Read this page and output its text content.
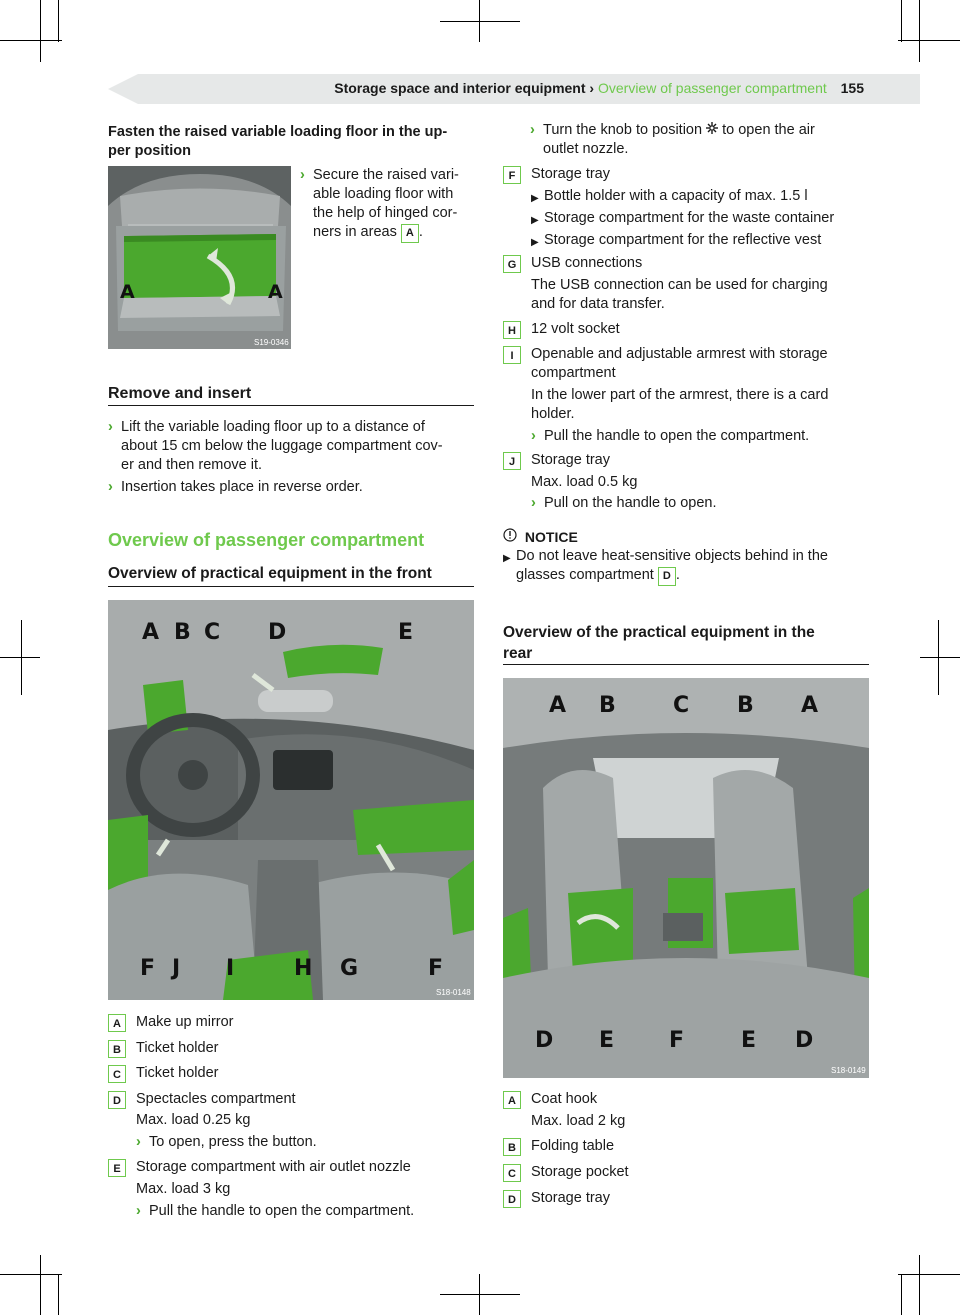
Storage space and interior equipment › Overview of passenger compartment 155
Fasten the raised variable loading floor in the up-
per position
A	A
S19-0346
› Secure the raised vari-
able loading floor with
the help of hinged cor-
ners in areas A .
Remove and insert
› Lift the variable loading floor up to a distance of
about 15 cm below the luggage compartment cov-
er and then remove it.
› Insertion takes place in reverse order.
Overview of passenger compartment
Overview of practical equipment in the front
A B C D	E
F J I	H G	F
S18-0148
A	Make up mirror
B	Ticket holder
C	Ticket holder
D	Spectacles compartment
Max. load 0.25 kg
› To open, press the button.
E	Storage compartment with air outlet nozzle
Max. load 3 kg
› Pull the handle to open the compartment.
› Turn the knob to position to open the air
outlet nozzle.
F	Storage tray
▶ Bottle holder with a capacity of max. 1.5 l
▶ Storage compartment for the waste container
▶ Storage compartment for the reflective vest
G	USB connections
The USB connection can be used for charging
and for data transfer.
H	12 volt socket
I	Openable and adjustable armrest with storage
compartment
In the lower part of the armrest, there is a card
holder.
› Pull the handle to open the compartment.
J	Storage tray
Max. load 0.5 kg
› Pull on the handle to open.
NOTICE
▶ Do not leave heat-sensitive objects behind in the
glasses compartment D .
Overview of the practical equipment in the
rear
A B	C B A
D E F	E D
S18-0149
A	Coat hook
Max. load 2 kg
B	Folding table
C	Storage pocket
D	Storage tray
